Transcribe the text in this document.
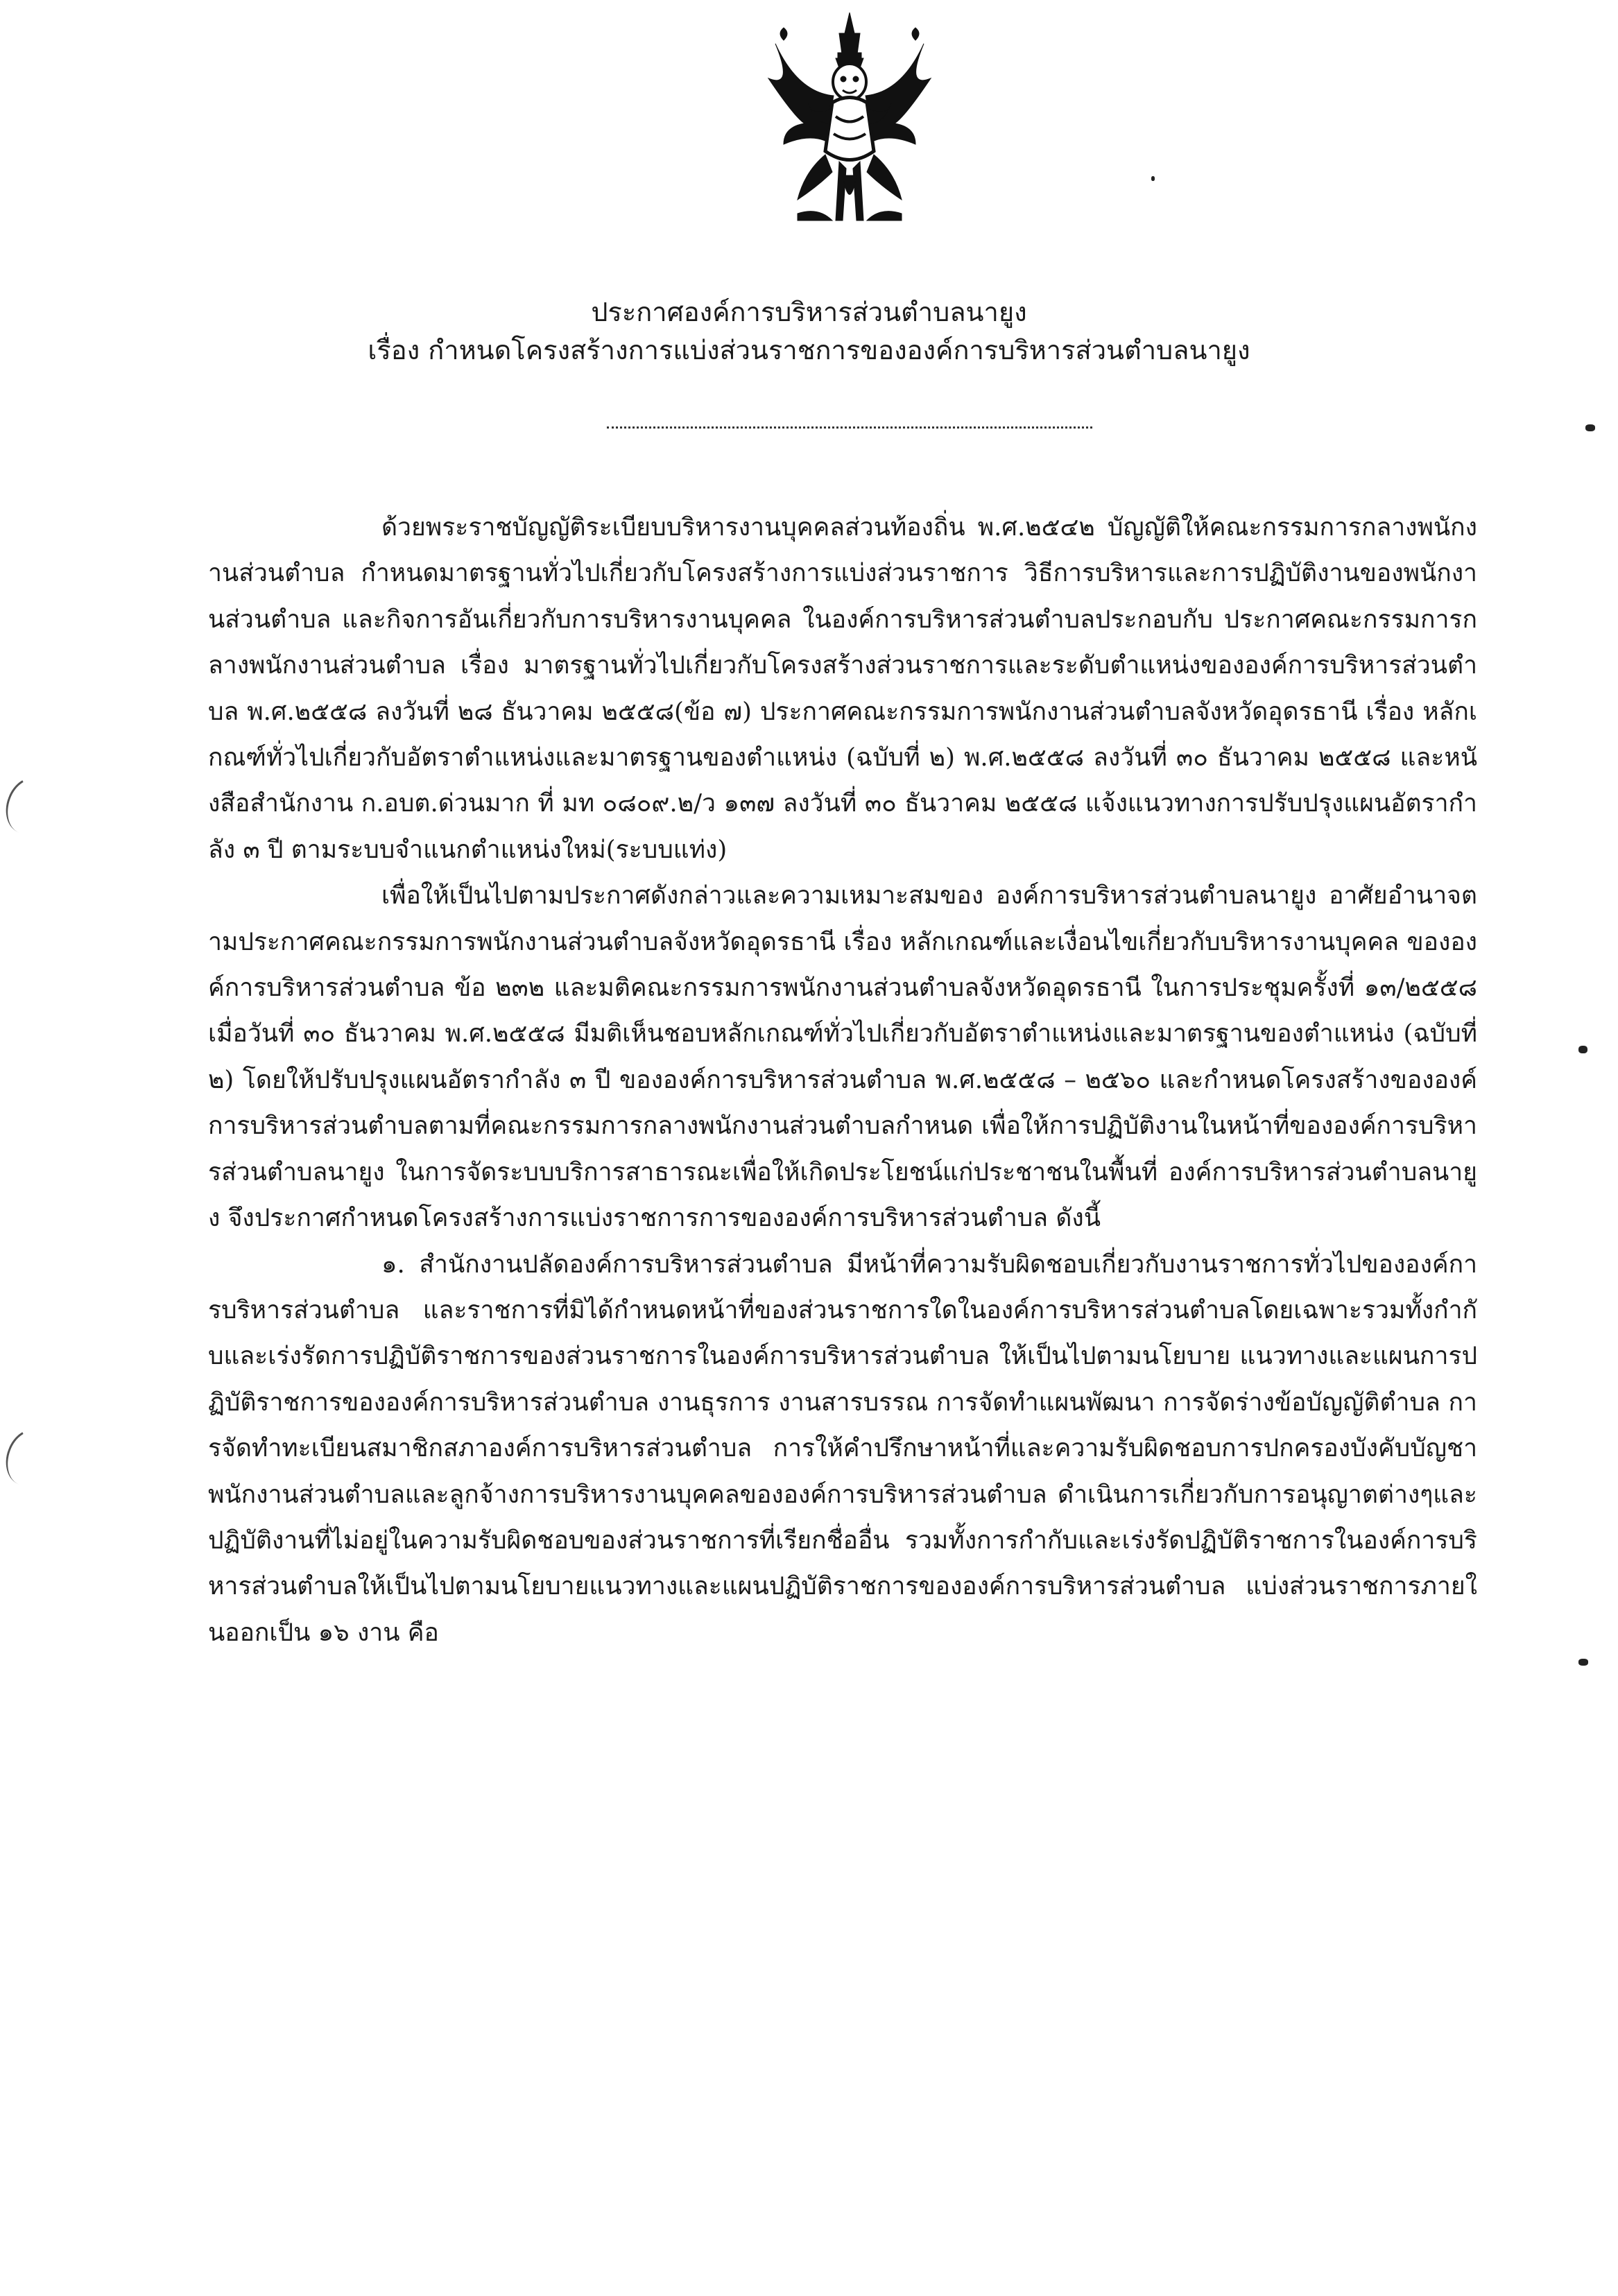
ประกาศองค์การบริหารส่วนตำบลนายูง
เรื่อง กำหนดโครงสร้างการแบ่งส่วนราชการขององค์การบริหารส่วนตำบลนายูง

ด้วยพระราชบัญญัติระเบียบบริหารงานบุคคลส่วนท้องถิ่น พ.ศ.๒๕๔๒ บัญญัติให้คณะกรรมการกลางพนักงานส่วนตำบล กำหนดมาตรฐานทั่วไปเกี่ยวกับโครงสร้างการแบ่งส่วนราชการ วิธีการบริหารและการปฏิบัติงานของพนักงานส่วนตำบล และกิจการอันเกี่ยวกับการบริหารงานบุคคล ในองค์การบริหารส่วนตำบลประกอบกับ ประกาศคณะกรรมการกลางพนักงานส่วนตำบล เรื่อง มาตรฐานทั่วไปเกี่ยวกับโครงสร้างส่วนราชการและระดับตำแหน่งขององค์การบริหารส่วนตำบล พ.ศ.๒๕๕๘ ลงวันที่ ๒๘ ธันวาคม ๒๕๕๘(ข้อ ๗) ประกาศคณะกรรมการพนักงานส่วนตำบลจังหวัดอุดรธานี เรื่อง หลักเกณฑ์ทั่วไปเกี่ยวกับอัตราตำแหน่งและมาตรฐานของตำแหน่ง (ฉบับที่ ๒) พ.ศ.๒๕๕๘ ลงวันที่ ๓๐ ธันวาคม ๒๕๕๘ และหนังสือสำนักงาน ก.อบต.ด่วนมาก ที่ มท ๐๘๐๙.๒/ว ๑๓๗ ลงวันที่ ๓๐ ธันวาคม ๒๕๕๘ แจ้งแนวทางการปรับปรุงแผนอัตรากำลัง ๓ ปี ตามระบบจำแนกตำแหน่งใหม่(ระบบแท่ง)

เพื่อให้เป็นไปตามประกาศดังกล่าวและความเหมาะสมของ องค์การบริหารส่วนตำบลนายูง อาศัยอำนาจตามประกาศคณะกรรมการพนักงานส่วนตำบลจังหวัดอุดรธานี เรื่อง หลักเกณฑ์และเงื่อนไขเกี่ยวกับบริหารงานบุคคล ขององค์การบริหารส่วนตำบล ข้อ ๒๓๒ และมติคณะกรรมการพนักงานส่วนตำบลจังหวัดอุดรธานี ในการประชุมครั้งที่ ๑๓/๒๕๕๘ เมื่อวันที่ ๓๐ ธันวาคม พ.ศ.๒๕๕๘ มีมติเห็นชอบหลักเกณฑ์ทั่วไปเกี่ยวกับอัตราตำแหน่งและมาตรฐานของตำแหน่ง (ฉบับที่ ๒) โดยให้ปรับปรุงแผนอัตรากำลัง ๓ ปี ขององค์การบริหารส่วนตำบล พ.ศ.๒๕๕๘ – ๒๕๖๐ และกำหนดโครงสร้างขององค์การบริหารส่วนตำบลตามที่คณะกรรมการกลางพนักงานส่วนตำบลกำหนด เพื่อให้การปฏิบัติงานในหน้าที่ขององค์การบริหารส่วนตำบลนายูง ในการจัดระบบบริการสาธารณะเพื่อให้เกิดประโยชน์แก่ประชาชนในพื้นที่ องค์การบริหารส่วนตำบลนายูง จึงประกาศกำหนดโครงสร้างการแบ่งราชการการขององค์การบริหารส่วนตำบล ดังนี้

๑. สำนักงานปลัดองค์การบริหารส่วนตำบล มีหน้าที่ความรับผิดชอบเกี่ยวกับงานราชการทั่วไปขององค์การบริหารส่วนตำบล และราชการที่มิได้กำหนดหน้าที่ของส่วนราชการใดในองค์การบริหารส่วนตำบลโดยเฉพาะรวมทั้งกำกับและเร่งรัดการปฏิบัติราชการของส่วนราชการในองค์การบริหารส่วนตำบล ให้เป็นไปตามนโยบาย แนวทางและแผนการปฏิบัติราชการขององค์การบริหารส่วนตำบล งานธุรการ งานสารบรรณ การจัดทำแผนพัฒนา การจัดร่างข้อบัญญัติตำบล การจัดทำทะเบียนสมาชิกสภาองค์การบริหารส่วนตำบล การให้คำปรึกษาหน้าที่และความรับผิดชอบการปกครองบังคับบัญชาพนักงานส่วนตำบลและลูกจ้างการบริหารงานบุคคลขององค์การบริหารส่วนตำบล ดำเนินการเกี่ยวกับการอนุญาตต่างๆและปฏิบัติงานที่ไม่อยู่ในความรับผิดชอบของส่วนราชการที่เรียกชื่ออื่น รวมทั้งการกำกับและเร่งรัดปฏิบัติราชการในองค์การบริหารส่วนตำบลให้เป็นไปตามนโยบายแนวทางและแผนปฏิบัติราชการขององค์การบริหารส่วนตำบล แบ่งส่วนราชการภายในออกเป็น ๑๖ งาน คือ
